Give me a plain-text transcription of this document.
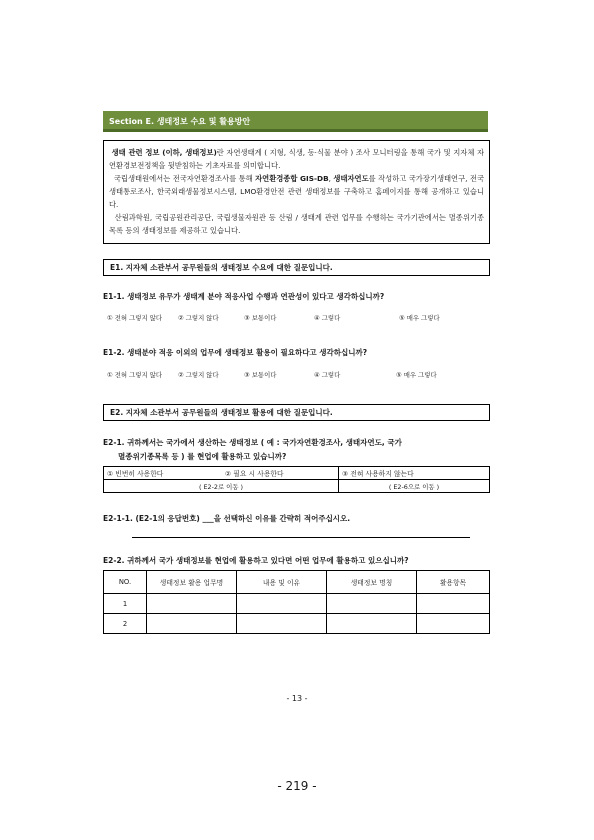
Section E. 생태정보 수요 및 활용방안

생태 관련 정보 (이하, 생태정보)란 자연생태계 ( 지형, 식생, 동·식물 분야 ) 조사 모니터링을 통해 국가 및 지자체 자연환경보전정책을 뒷받침하는 기초자료를 의미합니다.

국립생태원에서는 전국자연환경조사를 통해 자연환경종합 GIS-DB, 생태자연도를 작성하고 국가장기생태연구, 전국생태통로조사, 한국외래생물정보시스템, LMO환경안전 관련 생태정보를 구축하고 홈페이지를 통해 공개하고 있습니다.

산림과학원, 국립공원관리공단, 국립생물자원관 등 산림 / 생태계 관련 업무를 수행하는 국가기관에서는 멸종위기종 목록 등의 생태정보를 제공하고 있습니다.

E1. 지자체 소관부서 공무원들의 생태정보 수요에 대한 질문입니다.
E1-1. 생태정보 유무가 생태계 분야 적응사업 수행과 연관성이 있다고 생각하십니까?
① 전혀 그렇지 않다 ② 그렇지 않다	③ 보통이다	④ 그렇다	⑤ 매우 그렇다
E1-2. 생태분야 적응 이외의 업무에 생태정보 활용이 필요하다고 생각하십니까?
① 전혀 그렇지 않다 ② 그렇지 않다	③ 보통이다	④ 그렇다	⑤ 매우 그렇다
E2. 지자체 소관부서 공무원들의 생태정보 활용에 대한 질문입니다.
E2-1. 귀하께서는 국가에서 생산하는 생태정보 ( 예 : 국가자연환경조사, 생태자연도, 국가
멸종위기종목록 등 ) 를 현업에 활용하고 있습니까?
① 빈번히 사용한다	② 필요 시 사용한다	③ 전혀 사용하지 않는다
( E2-2로 이동 )		( E2-6으로 이동 )
E2-1-1. (E2-1의 응답번호) ___을 선택하신 이유를 간략히 적어주십시오.
E2-2. 귀하께서 국가 생태정보를 현업에 활용하고 있다면 어떤 업무에 활용하고 있으십니까?
NO.	생태정보 활용 업무명	내용 및 이유	생태정보 명칭	활용항목
1				
2				
- 13 -
- 219 -
